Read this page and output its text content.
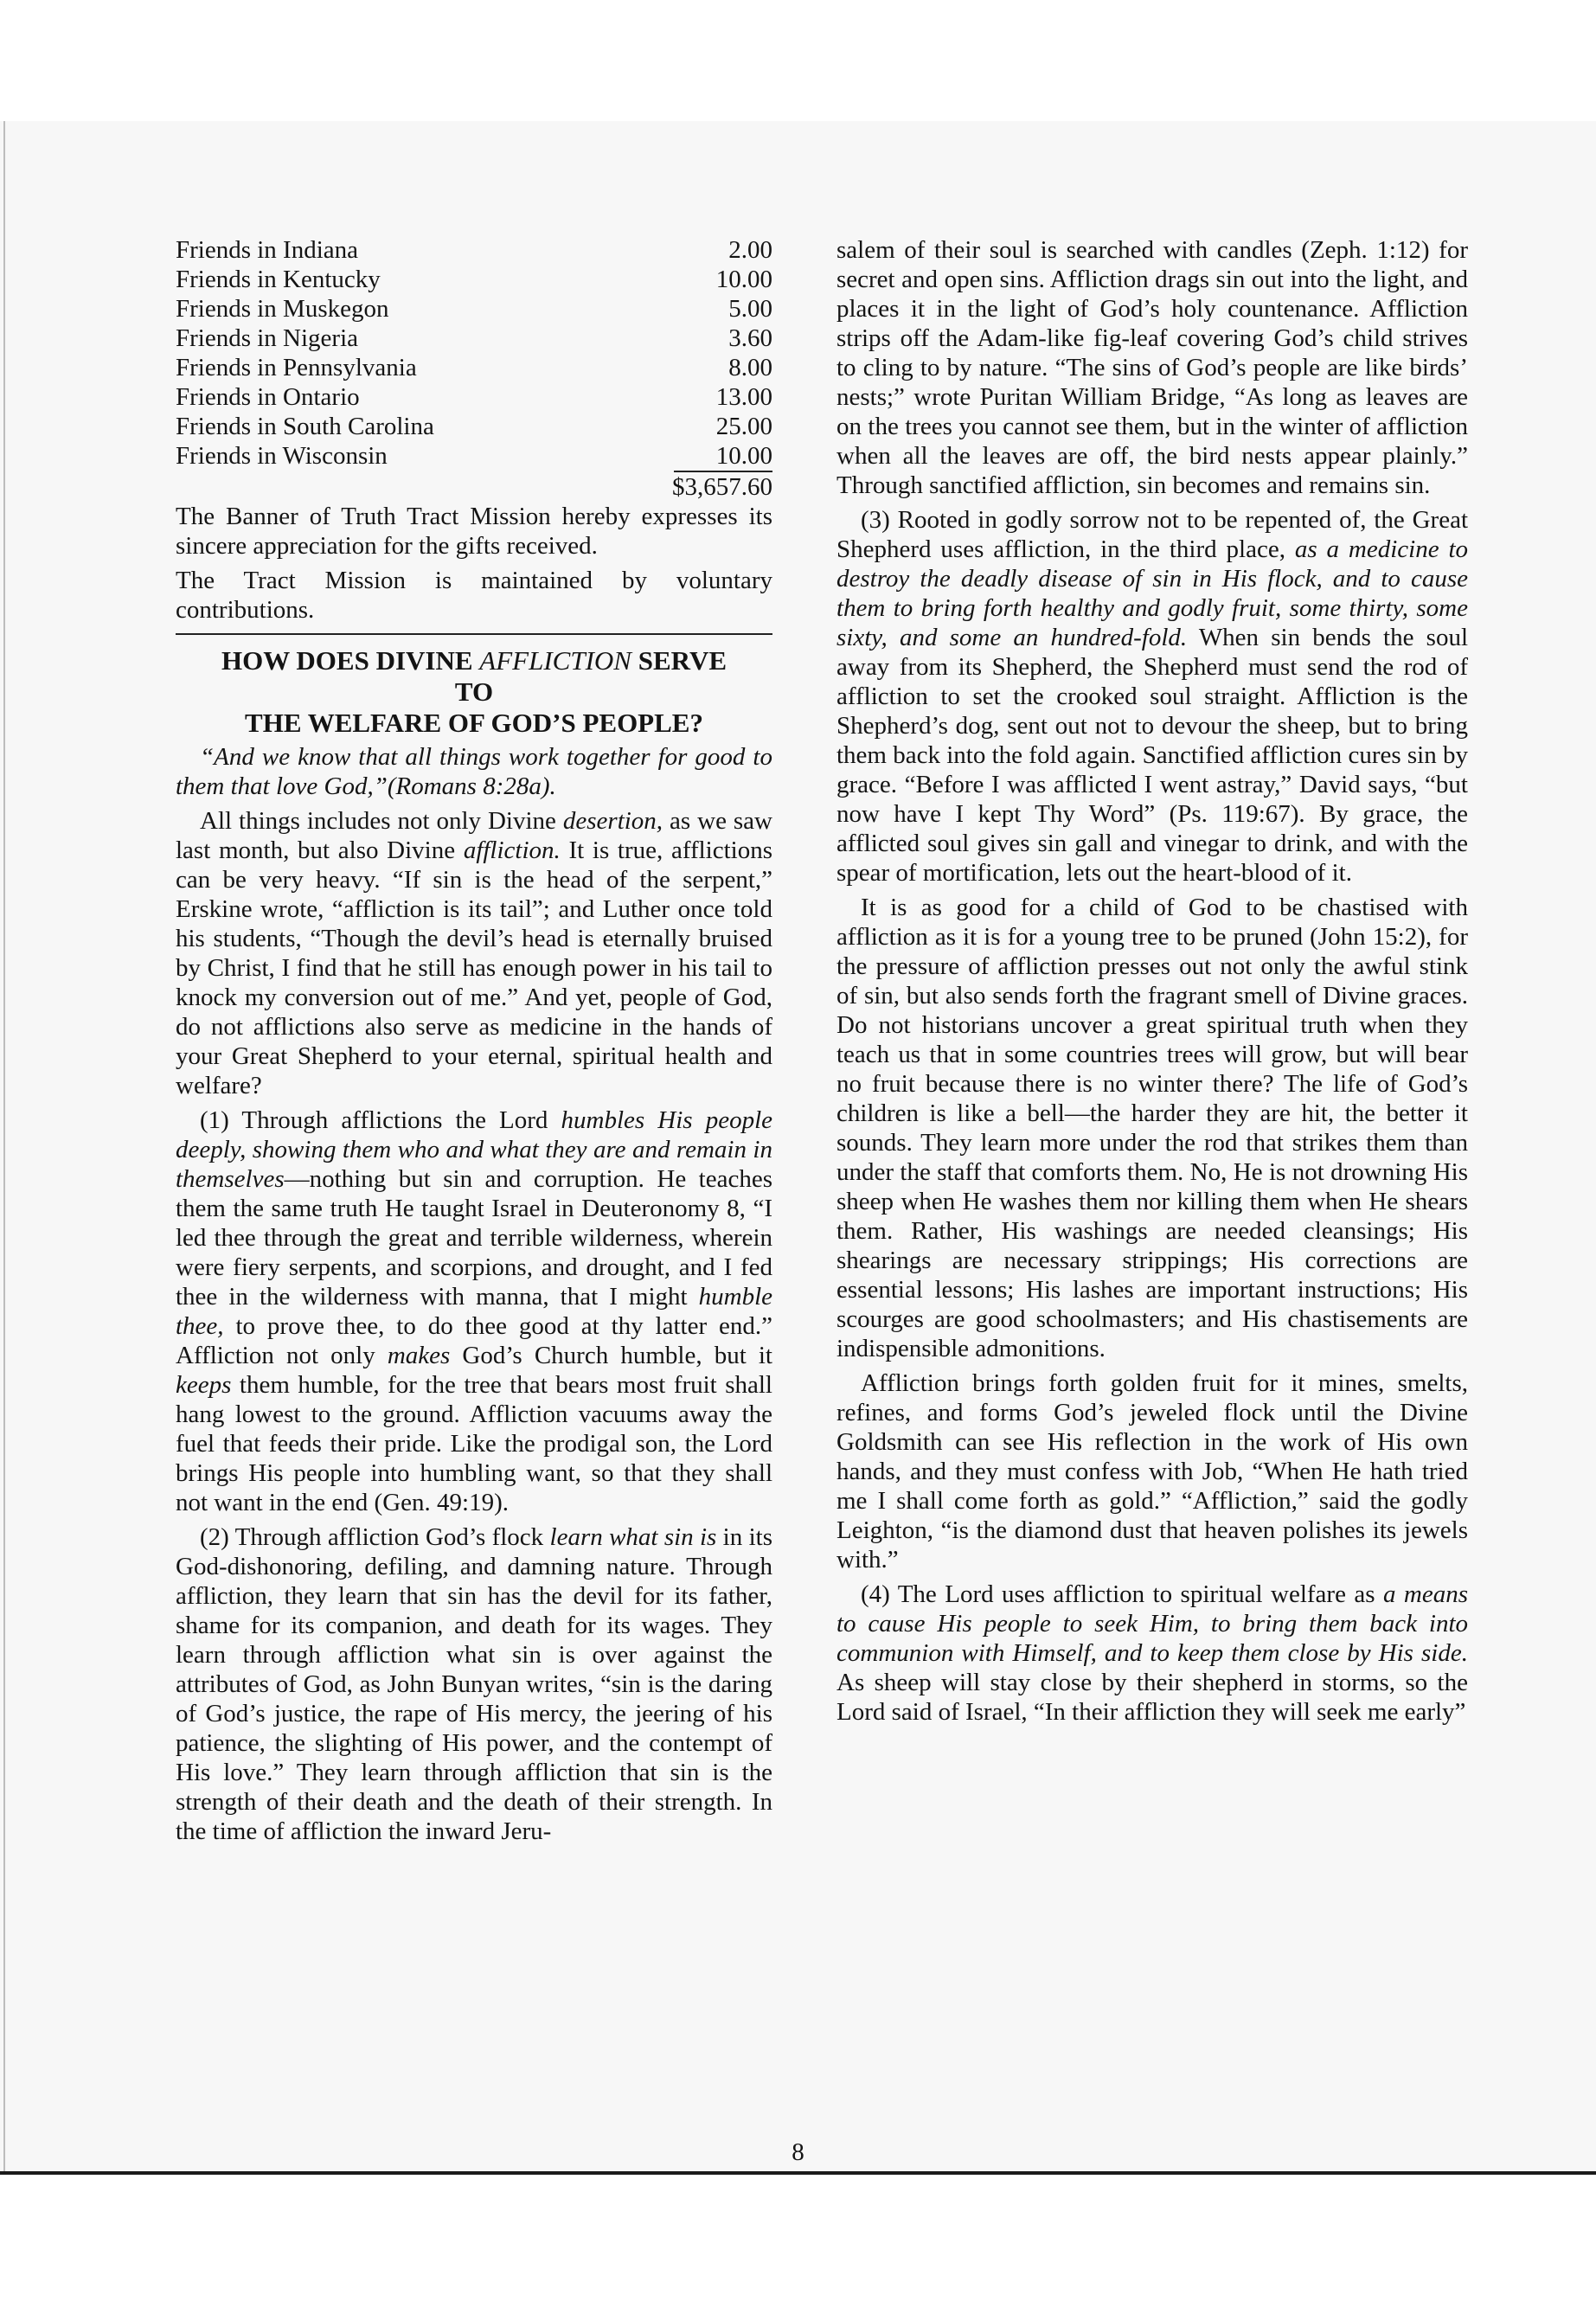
Friends in Indiana	2.00
Friends in Kentucky	10.00
Friends in Muskegon	5.00
Friends in Nigeria	3.60
Friends in Pennsylvania	8.00
Friends in Ontario	13.00
Friends in South Carolina	25.00
Friends in Wisconsin	10.00
$3,657.60

The Banner of Truth Tract Mission hereby expresses its sincere appreciation for the gifts received.

The Tract Mission is maintained by voluntary contributions.

HOW DOES DIVINE AFFLICTION SERVE
TO
THE WELFARE OF GOD’S PEOPLE?

“And we know that all things work together for good to them that love God,”(Romans 8:28a).

All things includes not only Divine desertion, as we saw last month, but also Divine affliction. It is true, afflictions can be very heavy. “If sin is the head of the serpent,” Erskine wrote, “affliction is its tail”; and Luther once told his students, “Though the devil’s head is eternally bruised by Christ, I find that he still has enough power in his tail to knock my conversion out of me.” And yet, people of God, do not afflictions also serve as medicine in the hands of your Great Shepherd to your eternal, spiritual health and welfare?

(1) Through afflictions the Lord humbles His people deeply, showing them who and what they are and remain in themselves—nothing but sin and corruption. He teaches them the same truth He taught Israel in Deuteronomy 8, “I led thee through the great and terrible wilderness, wherein were fiery serpents, and scorpions, and drought, and I fed thee in the wilderness with manna, that I might humble thee, to prove thee, to do thee good at thy latter end.” Affliction not only makes God’s Church humble, but it keeps them humble, for the tree that bears most fruit shall hang lowest to the ground. Affliction vacuums away the fuel that feeds their pride. Like the prodigal son, the Lord brings His people into humbling want, so that they shall not want in the end (Gen. 49:19).

(2) Through affliction God’s flock learn what sin is in its God-dishonoring, defiling, and damning nature. Through affliction, they learn that sin has the devil for its father, shame for its companion, and death for its wages. They learn through affliction what sin is over against the attributes of God, as John Bunyan writes, “sin is the daring of God’s justice, the rape of His mercy, the jeering of his patience, the slighting of His power, and the contempt of His love.” They learn through affliction that sin is the strength of their death and the death of their strength. In the time of affliction the inward Jeru-

salem of their soul is searched with candles (Zeph. 1:12) for secret and open sins. Affliction drags sin out into the light, and places it in the light of God’s holy countenance. Affliction strips off the Adam-like fig-leaf covering God’s child strives to cling to by nature. “The sins of God’s people are like birds’ nests;” wrote Puritan William Bridge, “As long as leaves are on the trees you cannot see them, but in the winter of affliction when all the leaves are off, the bird nests appear plainly.” Through sanctified affliction, sin becomes and remains sin.

(3) Rooted in godly sorrow not to be repented of, the Great Shepherd uses affliction, in the third place, as a medicine to destroy the deadly disease of sin in His flock, and to cause them to bring forth healthy and godly fruit, some thirty, some sixty, and some an hundred-fold. When sin bends the soul away from its Shepherd, the Shepherd must send the rod of affliction to set the crooked soul straight. Affliction is the Shepherd’s dog, sent out not to devour the sheep, but to bring them back into the fold again. Sanctified affliction cures sin by grace. “Before I was afflicted I went astray,” David says, “but now have I kept Thy Word” (Ps. 119:67). By grace, the afflicted soul gives sin gall and vinegar to drink, and with the spear of mortification, lets out the heart-blood of it.

It is as good for a child of God to be chastised with affliction as it is for a young tree to be pruned (John 15:2), for the pressure of affliction presses out not only the awful stink of sin, but also sends forth the fragrant smell of Divine graces. Do not historians uncover a great spiritual truth when they teach us that in some countries trees will grow, but will bear no fruit because there is no winter there? The life of God’s children is like a bell—the harder they are hit, the better it sounds. They learn more under the rod that strikes them than under the staff that comforts them. No, He is not drowning His sheep when He washes them nor killing them when He shears them. Rather, His washings are needed cleansings; His shearings are necessary strippings; His corrections are essential lessons; His lashes are important instructions; His scourges are good schoolmasters; and His chastisements are indispensible admonitions.

Affliction brings forth golden fruit for it mines, smelts, refines, and forms God’s jeweled flock until the Divine Goldsmith can see His reflection in the work of His own hands, and they must confess with Job, “When He hath tried me I shall come forth as gold.” “Affliction,” said the godly Leighton, “is the diamond dust that heaven polishes its jewels with.”

(4) The Lord uses affliction to spiritual welfare as a means to cause His people to seek Him, to bring them back into communion with Himself, and to keep them close by His side. As sheep will stay close by their shepherd in storms, so the Lord said of Israel, “In their affliction they will seek me early”

8
